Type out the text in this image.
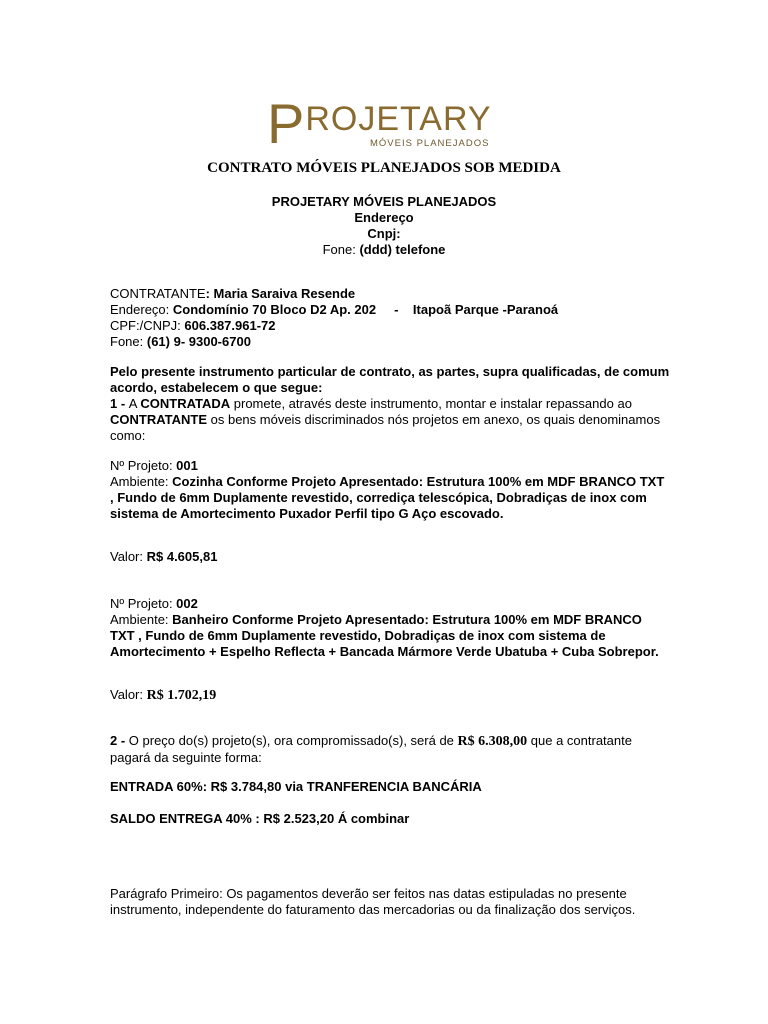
PROJETARY
MÓVEIS PLANEJADOS
CONTRATO MÓVEIS PLANEJADOS SOB MEDIDA
PROJETARY MÓVEIS PLANEJADOS
Endereço
Cnpj:
Fone: (ddd) telefone
CONTRATANTE: Maria Saraiva Resende
Endereço: Condomínio 70 Bloco D2 Ap. 202     -    Itapoã Parque -Paranoá
CPF:/CNPJ: 606.387.961-72
Fone: (61) 9- 9300-6700
Pelo presente instrumento particular de contrato, as partes, supra qualificadas, de comum acordo, estabelecem o que segue:
1 - A CONTRATADA promete, através deste instrumento, montar e instalar repassando ao CONTRATANTE os bens móveis discriminados nós projetos em anexo, os quais denominamos como:
Nº Projeto: 001
Ambiente: Cozinha Conforme Projeto Apresentado: Estrutura 100% em MDF BRANCO TXT , Fundo de 6mm Duplamente revestido, corrediça telescópica, Dobradiças de inox com sistema de Amortecimento Puxador Perfil tipo G Aço escovado.
Valor: R$ 4.605,81
Nº Projeto: 002
Ambiente: Banheiro Conforme Projeto Apresentado: Estrutura 100% em MDF BRANCO TXT , Fundo de 6mm Duplamente revestido, Dobradiças de inox com sistema de Amortecimento + Espelho Reflecta + Bancada Mármore Verde Ubatuba + Cuba Sobrepor.
Valor: R$ 1.702,19
2 - O preço do(s) projeto(s), ora compromissado(s), será de R$ 6.308,00 que a contratante pagará da seguinte forma:
ENTRADA 60%: R$ 3.784,80 via TRANFERENCIA BANCÁRIA
SALDO ENTREGA 40% : R$ 2.523,20 Á combinar
Parágrafo Primeiro: Os pagamentos deverão ser feitos nas datas estipuladas no presente instrumento, independente do faturamento das mercadorias ou da finalização dos serviços.
